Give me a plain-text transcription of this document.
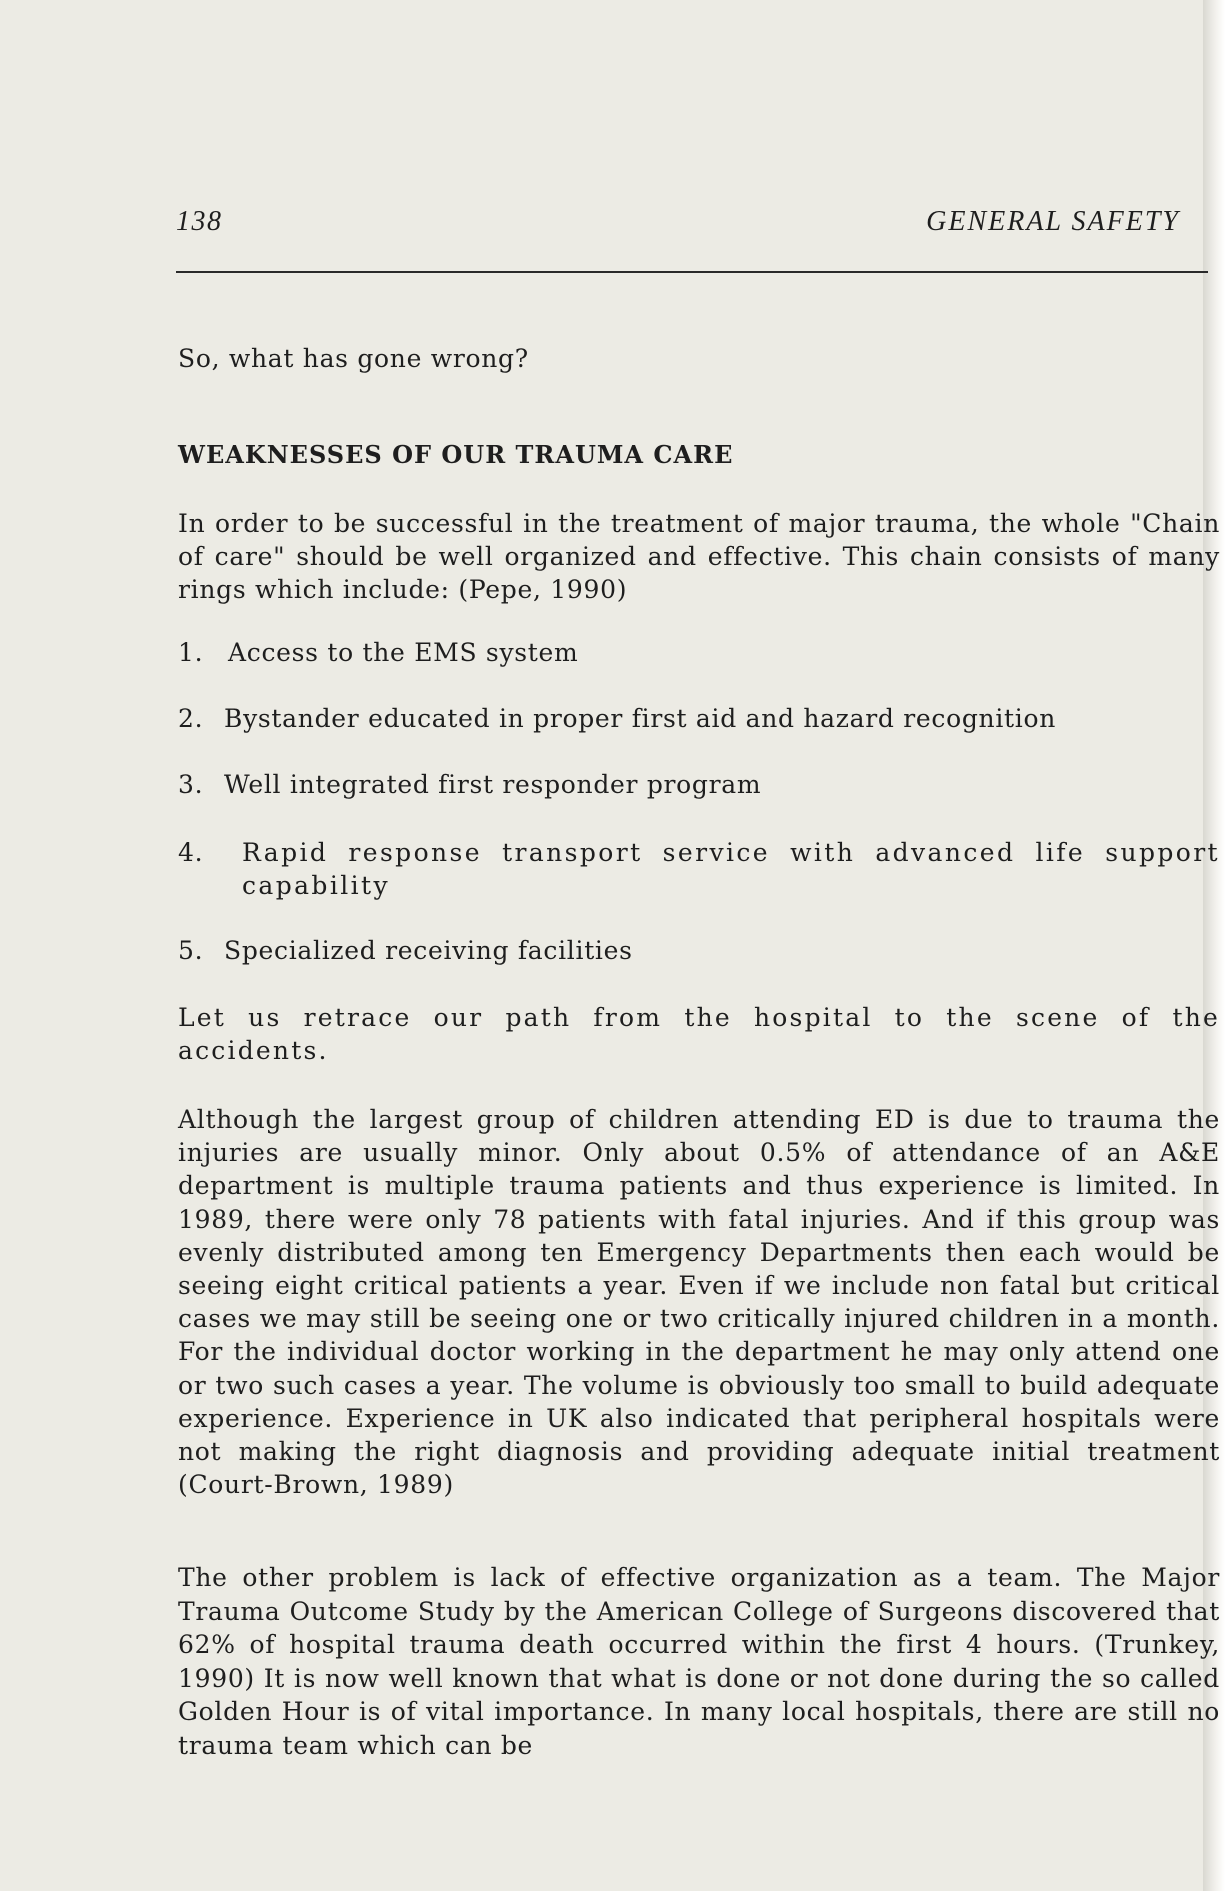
138	GENERAL SAFETY
So, what has gone wrong?
WEAKNESSES OF OUR TRAUMA CARE
In order to be successful in the treatment of major trauma, the whole "Chain of care" should be well organized and effective. This chain consists of many rings which include: (Pepe, 1990)
1. Access to the EMS system
2. Bystander educated in proper first aid and hazard recognition
3. Well integrated first responder program
4. Rapid response transport service with advanced life support capability
5. Specialized receiving facilities
Let us retrace our path from the hospital to the scene of the accidents.
Although the largest group of children attending ED is due to trauma the injuries are usually minor. Only about 0.5% of attendance of an A&E department is multiple trauma patients and thus experience is limited. In 1989, there were only 78 patients with fatal injuries. And if this group was evenly distributed among ten Emergency Departments then each would be seeing eight critical patients a year. Even if we include non fatal but critical cases we may still be seeing one or two critically injured children in a month. For the individual doctor working in the department he may only attend one or two such cases a year. The volume is obviously too small to build adequate experience. Experience in UK also indicated that peripheral hospitals were not making the right diagnosis and providing adequate initial treatment (Court-Brown, 1989)
The other problem is lack of effective organization as a team. The Major Trauma Outcome Study by the American College of Surgeons discovered that 62% of hospital trauma death occurred within the first 4 hours. (Trunkey, 1990) It is now well known that what is done or not done during the so called Golden Hour is of vital importance. In many local hospitals, there are still no trauma team which can be
